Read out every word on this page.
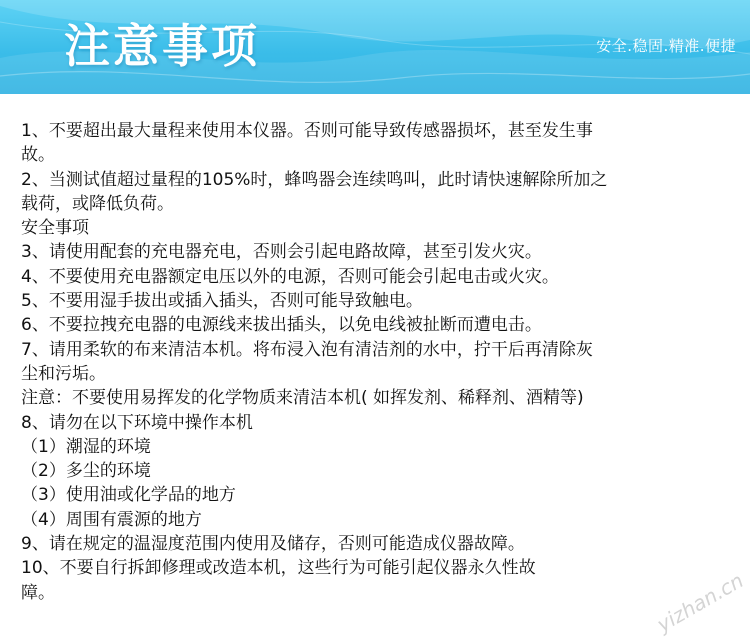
注意事项	安全.稳固.精准.便捷
1、不要超出最大量程来使用本仪器。否则可能导致传感器损坏，甚至发生事
故。
2、当测试值超过量程的105%时，蜂鸣器会连续鸣叫，此时请快速解除所加之
载荷，或降低负荷。
安全事项
3、请使用配套的充电器充电，否则会引起电路故障，甚至引发火灾。
4、不要使用充电器额定电压以外的电源，否则可能会引起电击或火灾。
5、不要用湿手拔出或插入插头，否则可能导致触电。
6、不要拉拽充电器的电源线来拔出插头，以免电线被扯断而遭电击。
7、请用柔软的布来清洁本机。将布浸入泡有清洁剂的水中，拧干后再清除灰
尘和污垢。
注意：不要使用易挥发的化学物质来清洁本机( 如挥发剂、稀释剂、酒精等)
8、请勿在以下环境中操作本机
（1）潮湿的环境
（2）多尘的环境
（3）使用油或化学品的地方
（4）周围有震源的地方
9、请在规定的温湿度范围内使用及储存，否则可能造成仪器故障。
10、不要自行拆卸修理或改造本机，这些行为可能引起仪器永久性故
障。	yizhan.cn
